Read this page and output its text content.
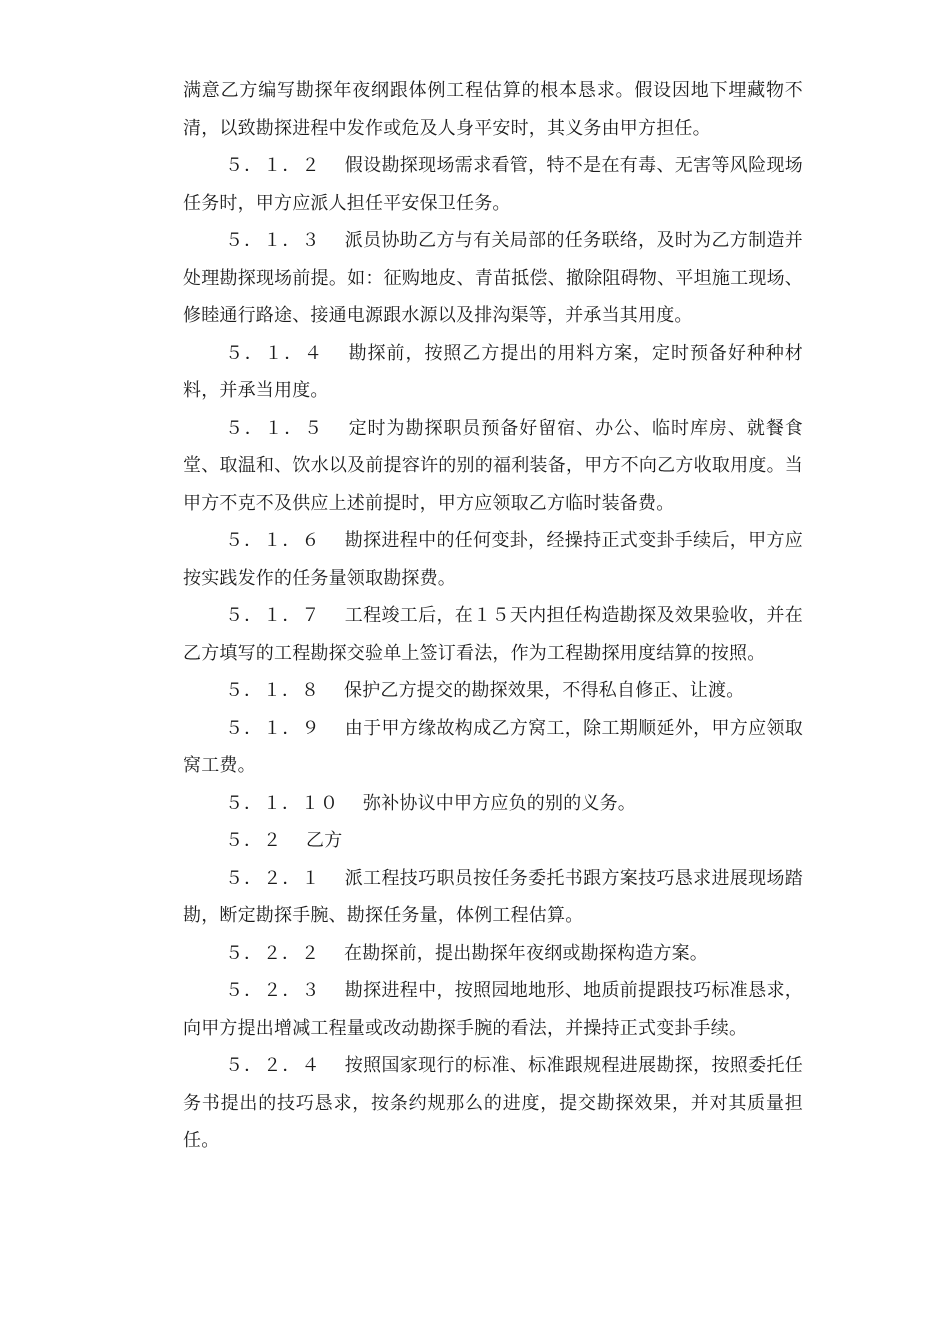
满意乙方编写勘探年夜纲跟体例工程估算的根本恳求。假设因地下埋藏物不清，以致勘探进程中发作或危及人身平安时，其义务由甲方担任。

５．１．２ 假设勘探现场需求看管，特不是在有毒、无害等风险现场任务时，甲方应派人担任平安保卫任务。

５．１．３ 派员协助乙方与有关局部的任务联络，及时为乙方制造并处理勘探现场前提。如：征购地皮、青苗抵偿、撤除阻碍物、平坦施工现场、修睦通行路途、接通电源跟水源以及排沟渠等，并承当其用度。

５．１．４ 勘探前，按照乙方提出的用料方案，定时预备好种种材料，并承当用度。

５．１．５ 定时为勘探职员预备好留宿、办公、临时库房、就餐食堂、取温和、饮水以及前提容许的别的福利装备，甲方不向乙方收取用度。当甲方不克不及供应上述前提时，甲方应领取乙方临时装备费。

５．１．６ 勘探进程中的任何变卦，经操持正式变卦手续后，甲方应按实践发作的任务量领取勘探费。

５．１．７ 工程竣工后，在１５天内担任构造勘探及效果验收，并在乙方填写的工程勘探交验单上签订看法，作为工程勘探用度结算的按照。

５．１．８ 保护乙方提交的勘探效果，不得私自修正、让渡。

５．１．９ 由于甲方缘故构成乙方窝工，除工期顺延外，甲方应领取窝工费。

５．１．１０ 弥补协议中甲方应负的别的义务。

５．２ 乙方

５．２．１ 派工程技巧职员按任务委托书跟方案技巧恳求进展现场踏勘，断定勘探手腕、勘探任务量，体例工程估算。

５．２．２ 在勘探前，提出勘探年夜纲或勘探构造方案。

５．２．３ 勘探进程中，按照园地地形、地质前提跟技巧标准恳求，向甲方提出增减工程量或改动勘探手腕的看法，并操持正式变卦手续。

５．２．４ 按照国家现行的标准、标准跟规程进展勘探，按照委托任务书提出的技巧恳求，按条约规那么的进度，提交勘探效果，并对其质量担任。
